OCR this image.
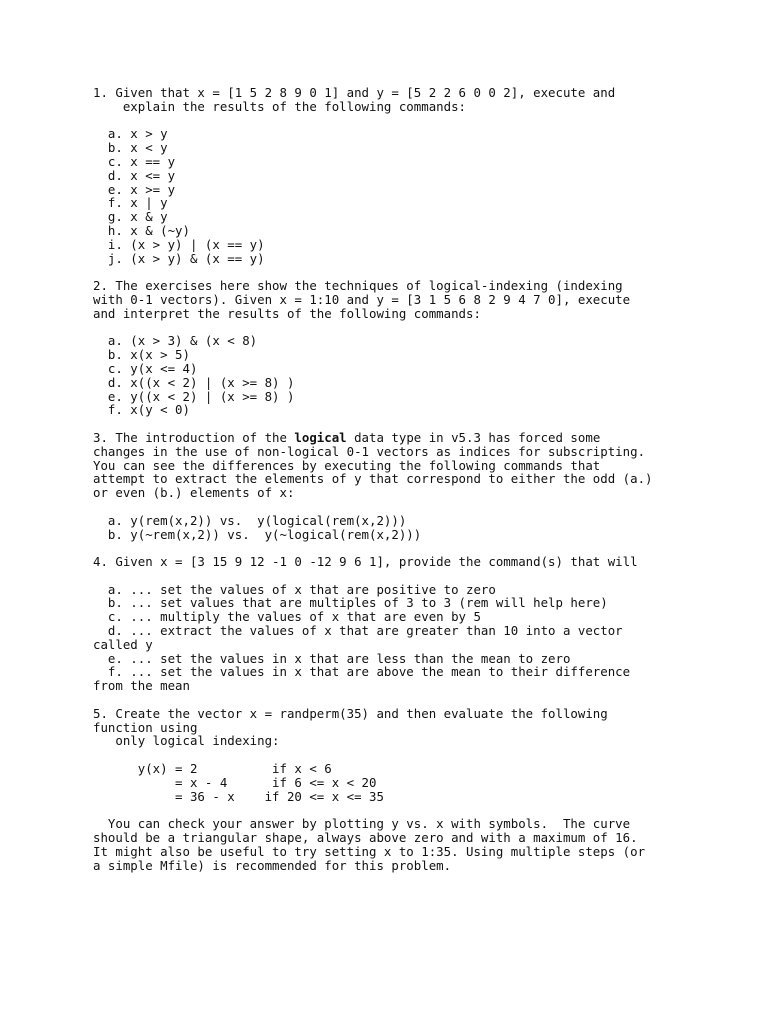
1. Given that x = [1 5 2 8 9 0 1] and y = [5 2 2 6 0 0 2], execute and
explain the results of the following commands:
a. x > y
b. x < y
c. x == y
d. x <= y
e. x >= y
f. x | y
g. x & y
h. x & (~y)
i. (x > y) | (x == y)
j. (x > y) & (x == y)
2. The exercises here show the techniques of logical-indexing (indexing
with 0-1 vectors). Given x = 1:10 and y = [3 1 5 6 8 2 9 4 7 0], execute
and interpret the results of the following commands:
a. (x > 3) & (x < 8)
b. x(x > 5)
c. y(x <= 4)
d. x((x < 2) | (x >= 8) )
e. y((x < 2) | (x >= 8) )
f. x(y < 0)
3. The introduction of the logical data type in v5.3 has forced some
changes in the use of non-logical 0-1 vectors as indices for subscripting.
You can see the differences by executing the following commands that
attempt to extract the elements of y that correspond to either the odd (a.)
or even (b.) elements of x:
a. y(rem(x,2)) vs.  y(logical(rem(x,2)))
b. y(~rem(x,2)) vs.  y(~logical(rem(x,2)))
4. Given x = [3 15 9 12 -1 0 -12 9 6 1], provide the command(s) that will
a. ... set the values of x that are positive to zero
b. ... set values that are multiples of 3 to 3 (rem will help here)
c. ... multiply the values of x that are even by 5
d. ... extract the values of x that are greater than 10 into a vector
called y
e. ... set the values in x that are less than the mean to zero
f. ... set the values in x that are above the mean to their difference
from the mean
5. Create the vector x = randperm(35) and then evaluate the following
function using
only logical indexing:
y(x) = 2          if x < 6
= x - 4      if 6 <= x < 20
= 36 - x    if 20 <= x <= 35
You can check your answer by plotting y vs. x with symbols.  The curve
should be a triangular shape, always above zero and with a maximum of 16.
It might also be useful to try setting x to 1:35. Using multiple steps (or
a simple Mfile) is recommended for this problem.
